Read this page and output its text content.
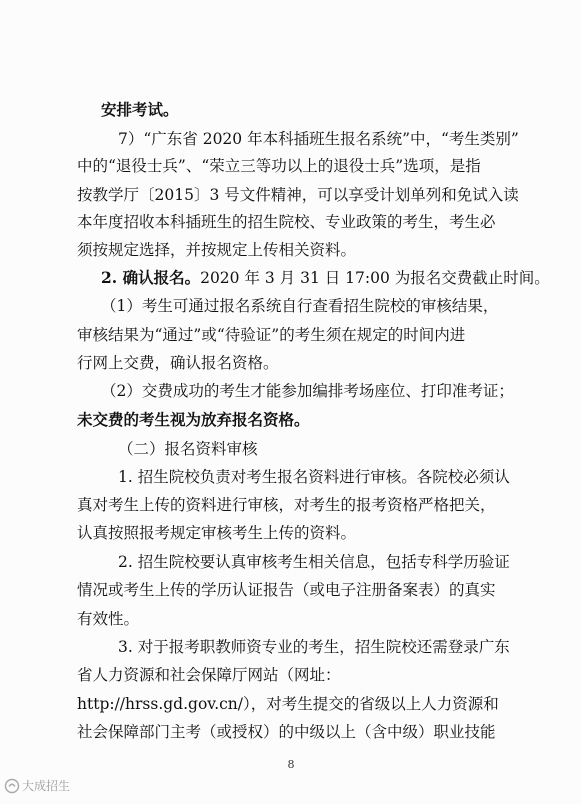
安排考试。
7）“广东省 2020 年本科插班生报名系统”中，“考生类别”
中的“退役士兵”、“荣立三等功以上的退役士兵”选项，是指
按教学厅〔2015〕3 号文件精神，可以享受计划单列和免试入读
本年度招收本科插班生的招生院校、专业政策的考生，考生必
须按规定选择，并按规定上传相关资料。
2. 确认报名。2020 年 3 月 31 日 17:00 为报名交费截止时间。
（1）考生可通过报名系统自行查看招生院校的审核结果，
审核结果为“通过”或“待验证”的考生须在规定的时间内进
行网上交费，确认报名资格。
（2）交费成功的考生才能参加编排考场座位、打印准考证；
未交费的考生视为放弃报名资格。
（二）报名资料审核
1. 招生院校负责对考生报名资料进行审核。各院校必须认
真对考生上传的资料进行审核，对考生的报考资格严格把关，
认真按照报考规定审核考生上传的资料。
2. 招生院校要认真审核考生相关信息，包括专科学历验证
情况或考生上传的学历认证报告（或电子注册备案表）的真实
有效性。
3. 对于报考职教师资专业的考生，招生院校还需登录广东
省人力资源和社会保障厅网站（网址：
http://hrss.gd.gov.cn/），对考生提交的省级以上人力资源和
社会保障部门主考（或授权）的中级以上（含中级）职业技能
8
大成招生
